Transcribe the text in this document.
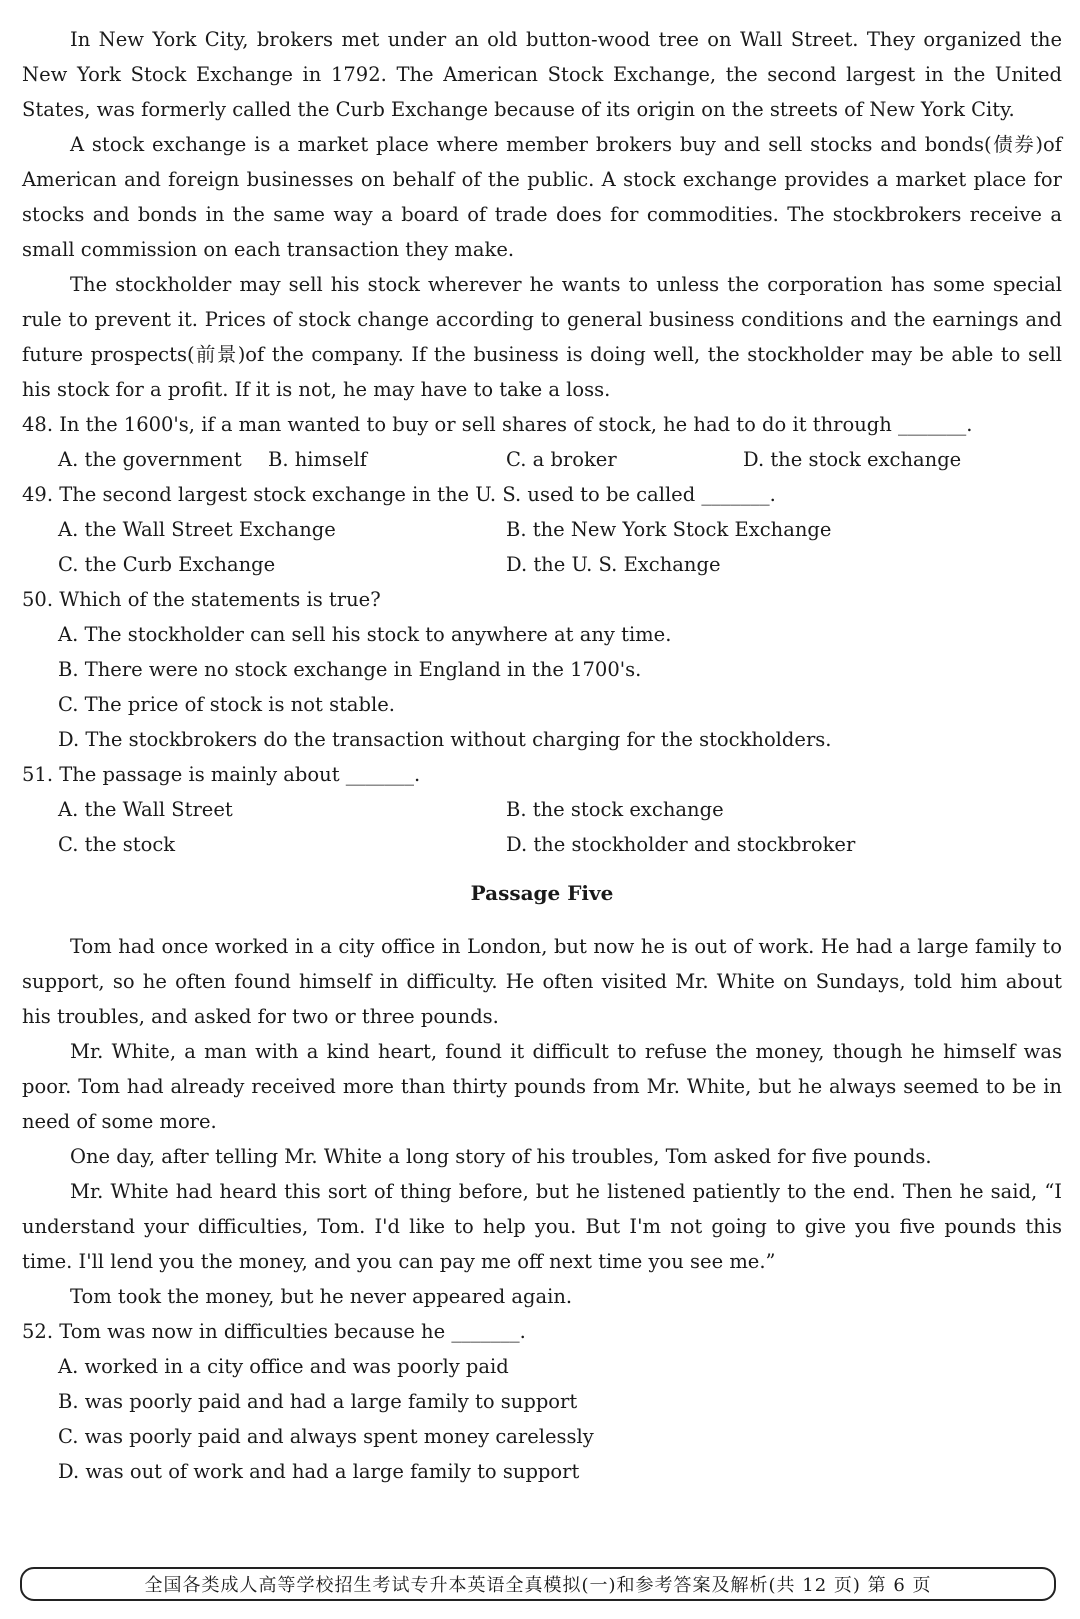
In New York City, brokers met under an old button-wood tree on Wall Street. They organized the New York Stock Exchange in 1792. The American Stock Exchange, the second largest in the United States, was formerly called the Curb Exchange because of its origin on the streets of New York City.

A stock exchange is a market place where member brokers buy and sell stocks and bonds(债券)of American and foreign businesses on behalf of the public. A stock exchange provides a market place for stocks and bonds in the same way a board of trade does for commodities. The stockbrokers receive a small commission on each transaction they make.

The stockholder may sell his stock wherever he wants to unless the corporation has some special rule to prevent it. Prices of stock change according to general business conditions and the earnings and future prospects(前景)of the company. If the business is doing well, the stockholder may be able to sell his stock for a profit. If it is not, he may have to take a loss.

48. In the 1600's, if a man wanted to buy or sell shares of stock, he had to do it through _______.

A. the government	B. himself	C. a broker	D. the stock exchange

49. The second largest stock exchange in the U. S. used to be called _______.

A. the Wall Street Exchange	B. the New York Stock Exchange
C. the Curb Exchange	D. the U. S. Exchange

50. Which of the statements is true?

A. The stockholder can sell his stock to anywhere at any time.

B. There were no stock exchange in England in the 1700's.

C. The price of stock is not stable.

D. The stockbrokers do the transaction without charging for the stockholders.

51. The passage is mainly about _______.

A. the Wall Street	B. the stock exchange
C. the stock	D. the stockholder and stockbroker
Passage Five

Tom had once worked in a city office in London, but now he is out of work. He had a large family to support, so he often found himself in difficulty. He often visited Mr. White on Sundays, told him about his troubles, and asked for two or three pounds.

Mr. White, a man with a kind heart, found it difficult to refuse the money, though he himself was poor. Tom had already received more than thirty pounds from Mr. White, but he always seemed to be in need of some more.

One day, after telling Mr. White a long story of his troubles, Tom asked for five pounds.

Mr. White had heard this sort of thing before, but he listened patiently to the end. Then he said, “I understand your difficulties, Tom. I'd like to help you. But I'm not going to give you five pounds this time. I'll lend you the money, and you can pay me off next time you see me.”

Tom took the money, but he never appeared again.

52. Tom was now in difficulties because he _______.

A. worked in a city office and was poorly paid

B. was poorly paid and had a large family to support

C. was poorly paid and always spent money carelessly

D. was out of work and had a large family to support

全国各类成人高等学校招生考试专升本英语全真模拟(一)和参考答案及解析(共 12 页) 第 6 页
